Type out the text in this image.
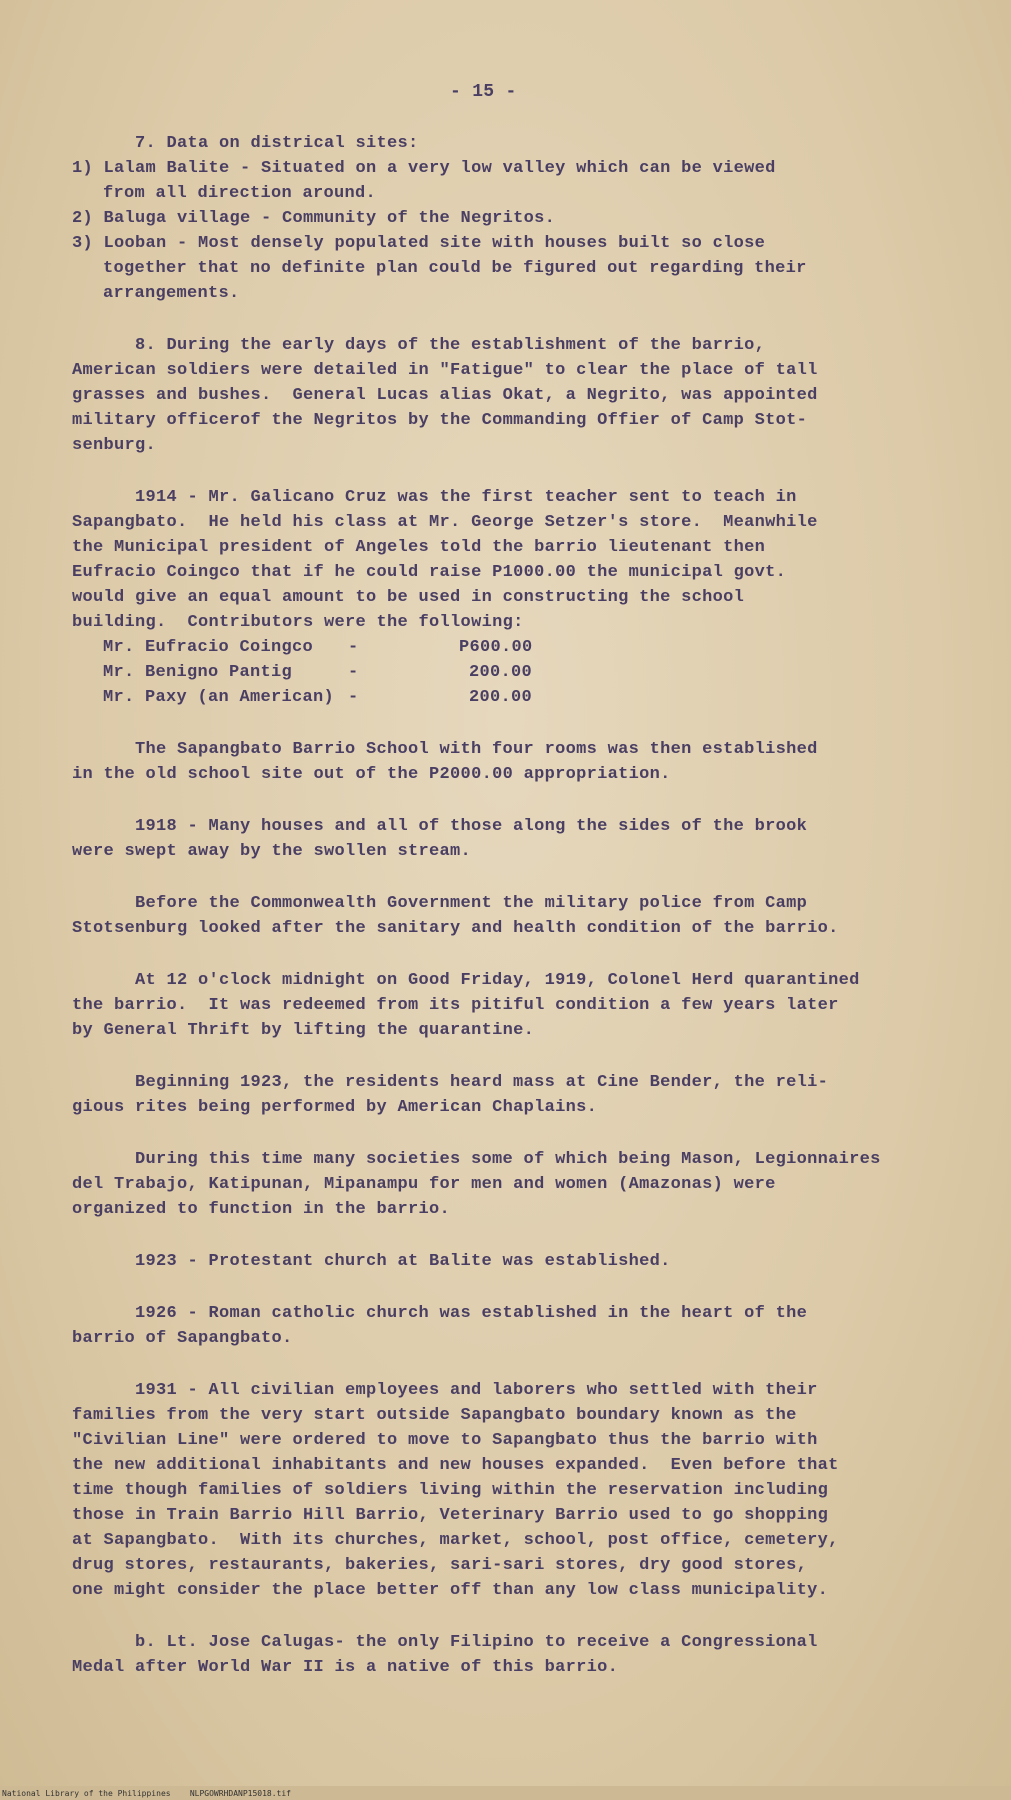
- 15 -
7. Data on districal sites:
1) Lalam Balite - Situated on a very low valley which can be viewed
from all direction around.
2) Baluga village - Community of the Negritos.
3) Looban - Most densely populated site with houses built so close
together that no definite plan could be figured out regarding their
arrangements.
8. During the early days of the establishment of the barrio,
American soldiers were detailed in "Fatigue" to clear the place of tall
grasses and bushes.  General Lucas alias Okat, a Negrito, was appointed
military officerof the Negritos by the Commanding Offier of Camp Stot-
senburg.
1914 - Mr. Galicano Cruz was the first teacher sent to teach in
Sapangbato.  He held his class at Mr. George Setzer's store.  Meanwhile
the Municipal president of Angeles told the barrio lieutenant then
Eufracio Coingco that if he could raise P1000.00 the municipal govt.
would give an equal amount to be used in constructing the school
building.  Contributors were the following:
Mr. Eufracio Coingco -	P600.00
Mr. Benigno Pantig	-	200.00
Mr. Paxy (an American) -	200.00
The Sapangbato Barrio School with four rooms was then established
in the old school site out of the P2000.00 appropriation.
1918 - Many houses and all of those along the sides of the brook
were swept away by the swollen stream.
Before the Commonwealth Government the military police from Camp
Stotsenburg looked after the sanitary and health condition of the barrio.
At 12 o'clock midnight on Good Friday, 1919, Colonel Herd quarantined
the barrio.  It was redeemed from its pitiful condition a few years later
by General Thrift by lifting the quarantine.
Beginning 1923, the residents heard mass at Cine Bender, the reli-
gious rites being performed by American Chaplains.
During this time many societies some of which being Mason, Legionnaires
del Trabajo, Katipunan, Mipanampu for men and women (Amazonas) were
organized to function in the barrio.
1923 - Protestant church at Balite was established.
1926 - Roman catholic church was established in the heart of the
barrio of Sapangbato.
1931 - All civilian employees and laborers who settled with their
families from the very start outside Sapangbato boundary known as the
"Civilian Line" were ordered to move to Sapangbato thus the barrio with
the new additional inhabitants and new houses expanded.  Even before that
time though families of soldiers living within the reservation including
those in Train Barrio Hill Barrio, Veterinary Barrio used to go shopping
at Sapangbato.  With its churches, market, school, post office, cemetery,
drug stores, restaurants, bakeries, sari-sari stores, dry good stores,
one might consider the place better off than any low class municipality.
b. Lt. Jose Calugas- the only Filipino to receive a Congressional
Medal after World War II is a native of this barrio.
National Library of the Philippines    NLPGOWRHDANP15018.tif
